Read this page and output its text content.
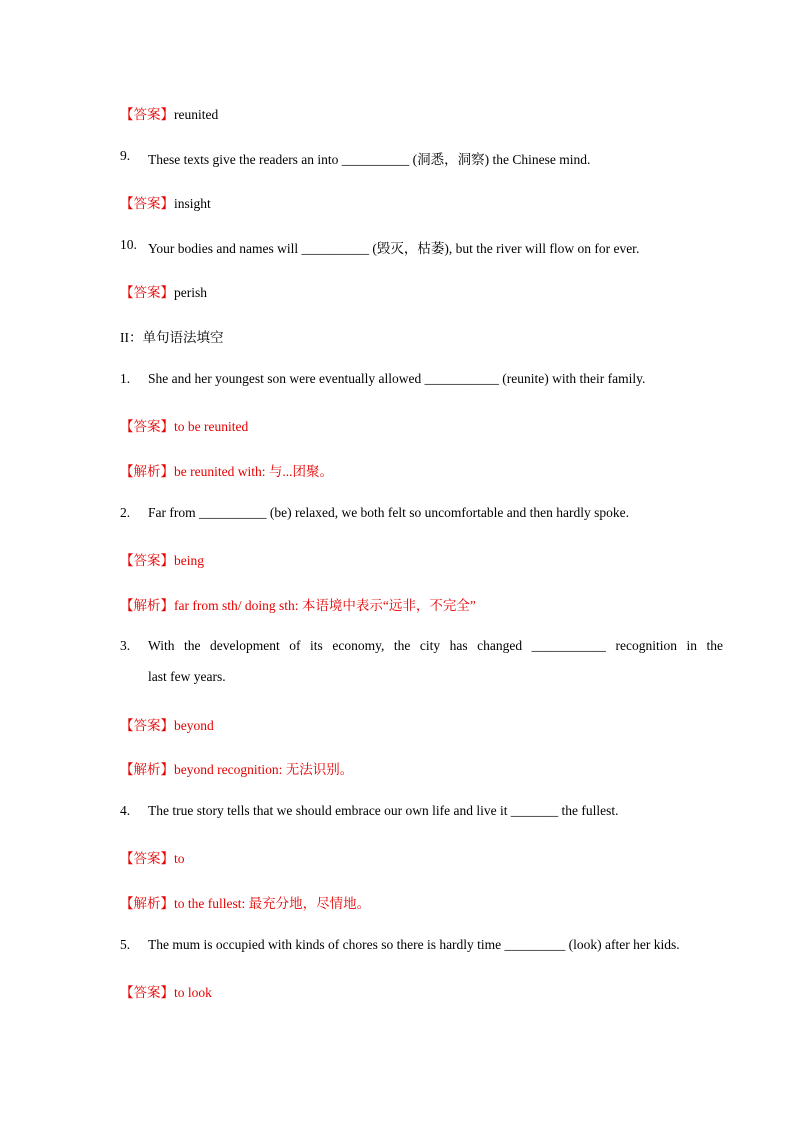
【答案】reunited
9. These texts give the readers an into __________ (洞悉，洞察) the Chinese mind.
【答案】insight
10. Your bodies and names will __________ (毁灭，枯萎), but the river will flow on for ever.
【答案】perish
II：单句语法填空
1. She and her youngest son were eventually allowed ___________ (reunite) with their family.
【答案】to be reunited
【解析】be reunited with: 与...团聚。
2. Far from __________ (be) relaxed, we both felt so uncomfortable and then hardly spoke.
【答案】being
【解析】far from sth/ doing sth: 本语境中表示“远非，不完全”
3. With the development of its economy, the city has changed ___________ recognition in the
last few years.
【答案】beyond
【解析】beyond recognition: 无法识别。
4. The true story tells that we should embrace our own life and live it _______ the fullest.
【答案】to
【解析】to the fullest: 最充分地，尽情地。
5. The mum is occupied with kinds of chores so there is hardly time _________ (look) after her kids.
【答案】to look
